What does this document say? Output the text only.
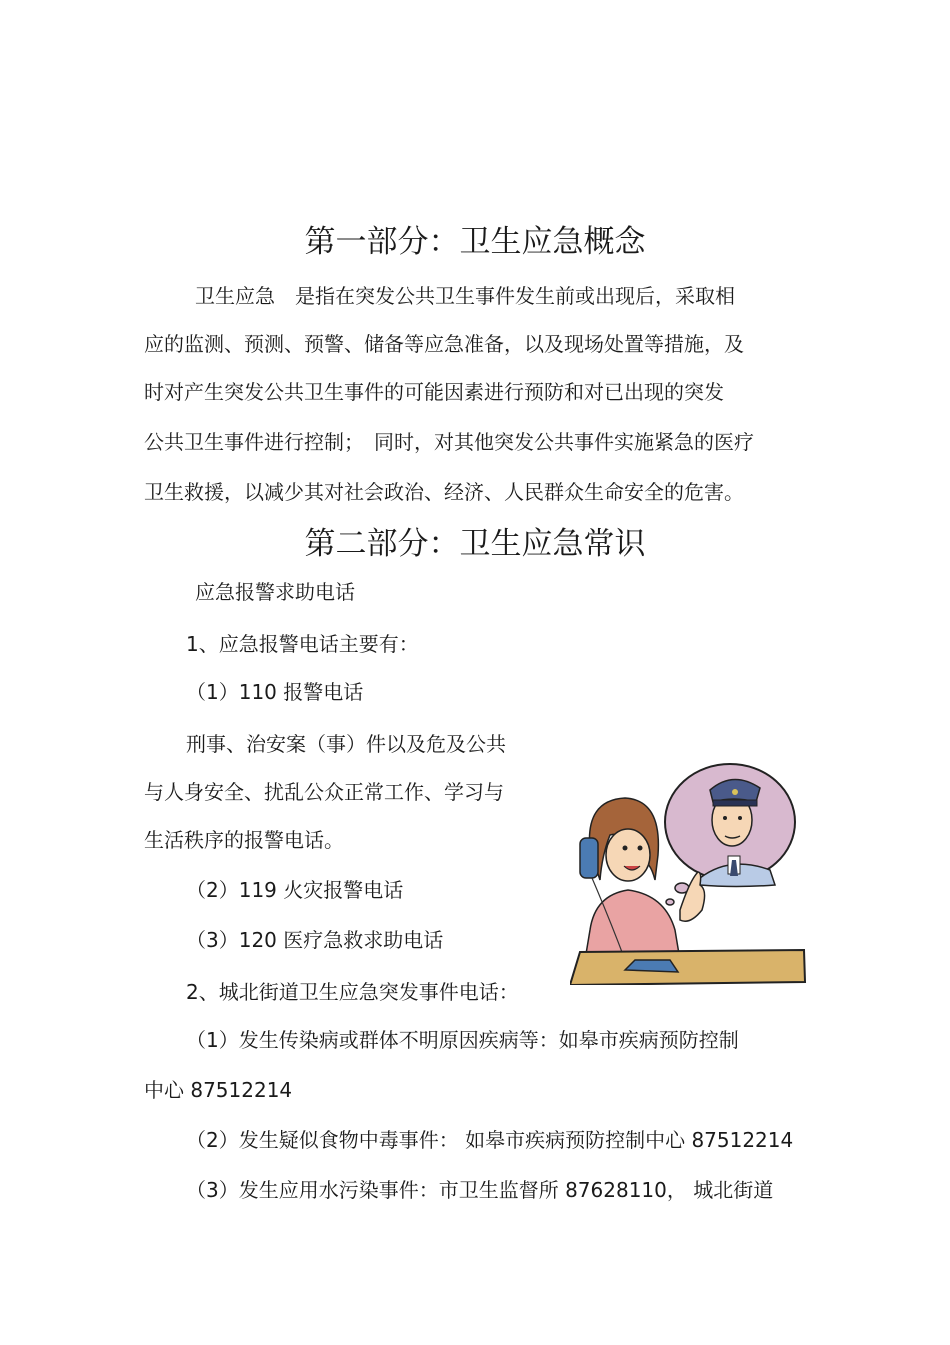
第一部分：卫生应急概念
卫生应急　是指在突发公共卫生事件发生前或出现后，采取相
应的监测、预测、预警、储备等应急准备，以及现场处置等措施，及
时对产生突发公共卫生事件的可能因素进行预防和对已出现的突发
公共卫生事件进行控制；　同时，对其他突发公共事件实施紧急的医疗
卫生救援，以减少其对社会政治、经济、人民群众生命安全的危害。
第二部分：卫生应急常识
应急报警求助电话
1、应急报警电话主要有：
（1）110 报警电话
刑事、治安案（事）件以及危及公共
与人身安全、扰乱公众正常工作、学习与
生活秩序的报警电话。
（2）119 火灾报警电话
（3）120 医疗急救求助电话
2、城北街道卫生应急突发事件电话：
（1）发生传染病或群体不明原因疾病等：如皋市疾病预防控制
中心 87512214
（2）发生疑似食物中毒事件： 如皋市疾病预防控制中心 87512214
（3）发生应用水污染事件：市卫生监督所 87628110， 城北街道
